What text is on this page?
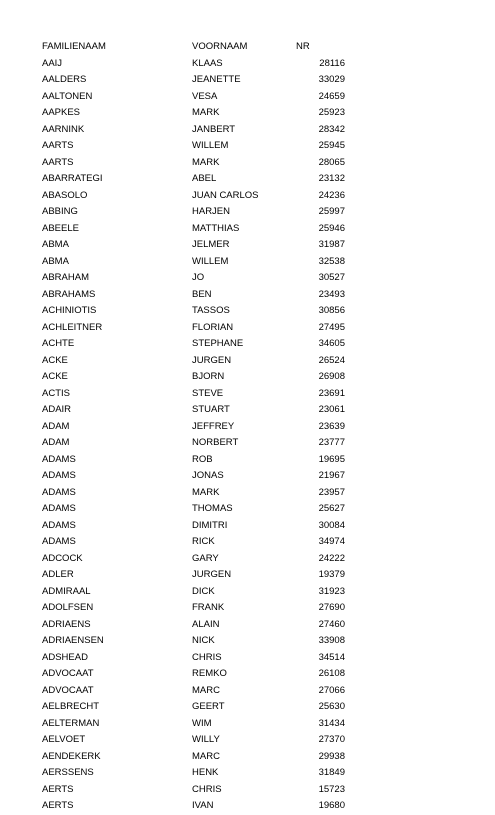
FAMILIENAAM	VOORNAAM	NR
AAIJ	KLAAS	28116
AALDERS	JEANETTE	33029
AALTONEN	VESA	24659
AAPKES	MARK	25923
AARNINK	JANBERT	28342
AARTS	WILLEM	25945
AARTS	MARK	28065
ABARRATEGI	ABEL	23132
ABASOLO	JUAN CARLOS	24236
ABBING	HARJEN	25997
ABEELE	MATTHIAS	25946
ABMA	JELMER	31987
ABMA	WILLEM	32538
ABRAHAM	JO	30527
ABRAHAMS	BEN	23493
ACHINIOTIS	TASSOS	30856
ACHLEITNER	FLORIAN	27495
ACHTE	STEPHANE	34605
ACKE	JURGEN	26524
ACKE	BJORN	26908
ACTIS	STEVE	23691
ADAIR	STUART	23061
ADAM	JEFFREY	23639
ADAM	NORBERT	23777
ADAMS	ROB	19695
ADAMS	JONAS	21967
ADAMS	MARK	23957
ADAMS	THOMAS	25627
ADAMS	DIMITRI	30084
ADAMS	RICK	34974
ADCOCK	GARY	24222
ADLER	JURGEN	19379
ADMIRAAL	DICK	31923
ADOLFSEN	FRANK	27690
ADRIAENS	ALAIN	27460
ADRIAENSEN	NICK	33908
ADSHEAD	CHRIS	34514
ADVOCAAT	REMKO	26108
ADVOCAAT	MARC	27066
AELBRECHT	GEERT	25630
AELTERMAN	WIM	31434
AELVOET	WILLY	27370
AENDEKERK	MARC	29938
AERSSENS	HENK	31849
AERTS	CHRIS	15723
AERTS	IVAN	19680
